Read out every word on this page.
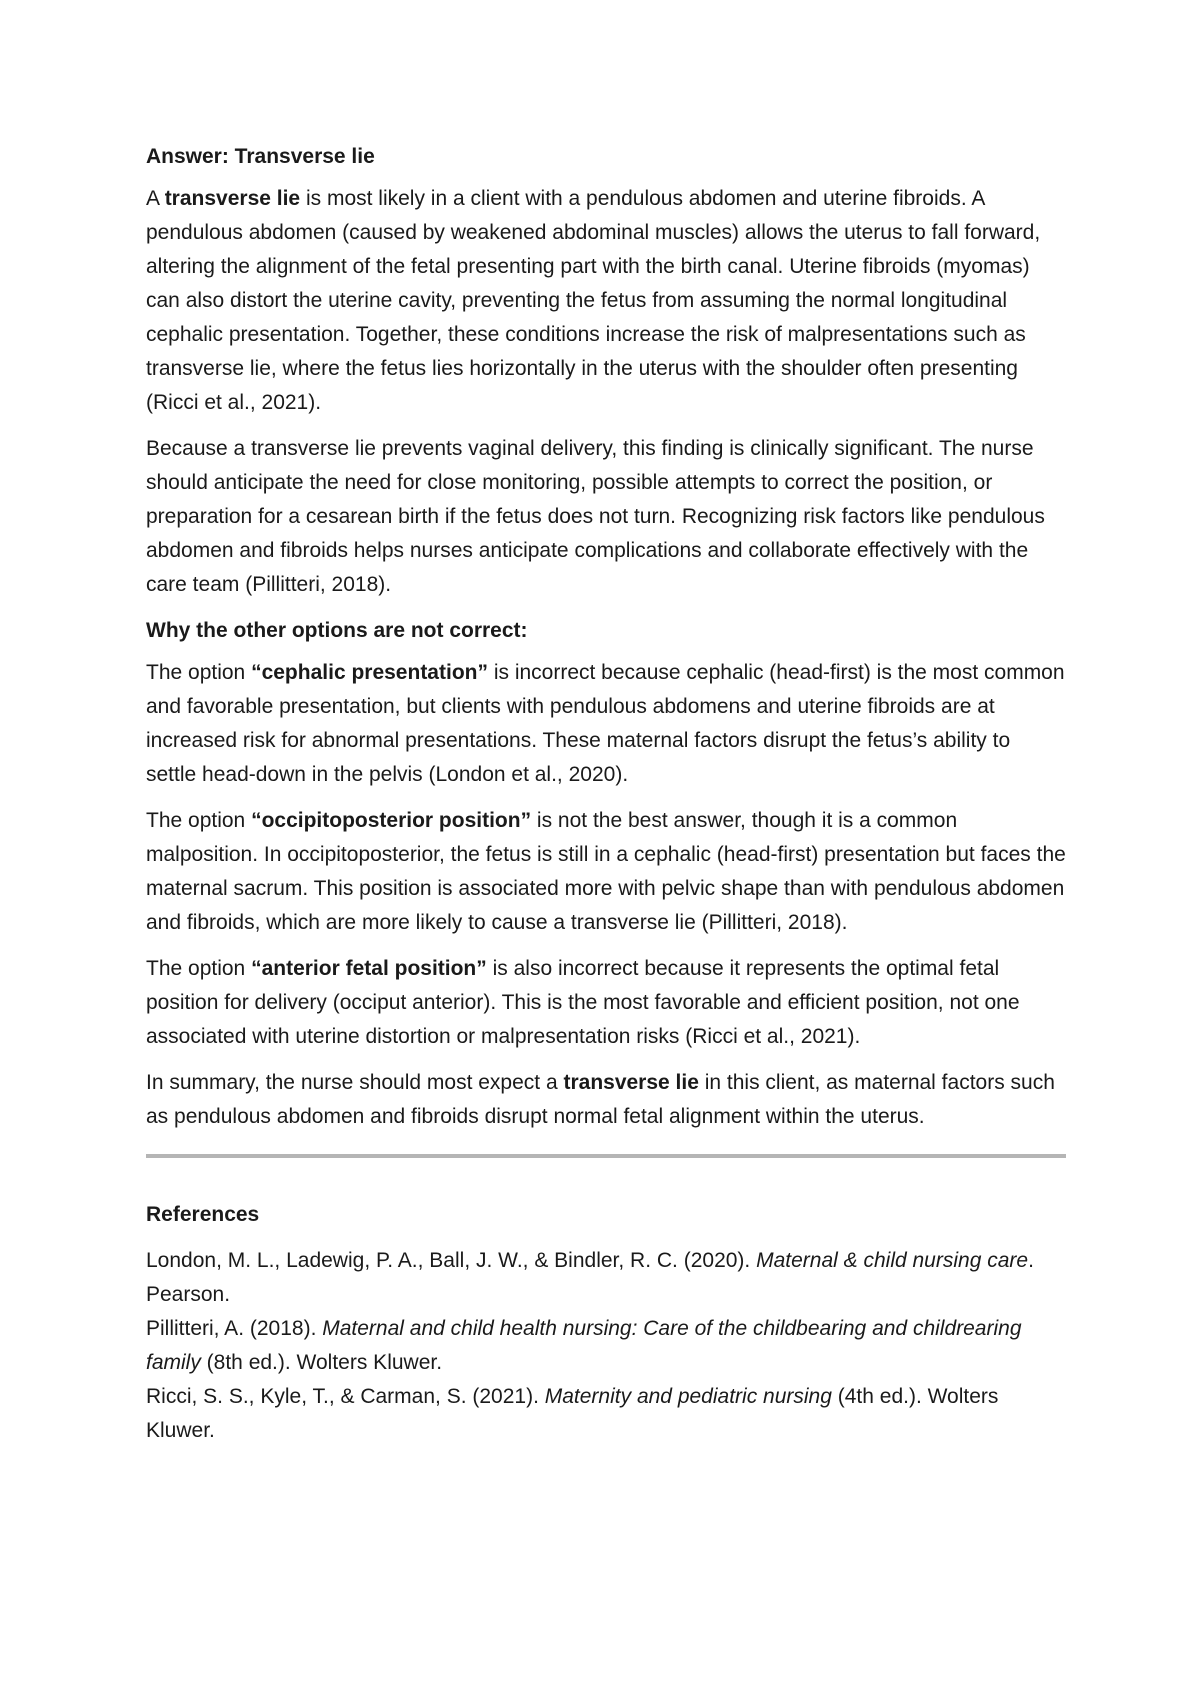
Answer: Transverse lie

A transverse lie is most likely in a client with a pendulous abdomen and uterine fibroids. A pendulous abdomen (caused by weakened abdominal muscles) allows the uterus to fall forward, altering the alignment of the fetal presenting part with the birth canal. Uterine fibroids (myomas) can also distort the uterine cavity, preventing the fetus from assuming the normal longitudinal cephalic presentation. Together, these conditions increase the risk of malpresentations such as transverse lie, where the fetus lies horizontally in the uterus with the shoulder often presenting (Ricci et al., 2021).

Because a transverse lie prevents vaginal delivery, this finding is clinically significant. The nurse should anticipate the need for close monitoring, possible attempts to correct the position, or preparation for a cesarean birth if the fetus does not turn. Recognizing risk factors like pendulous abdomen and fibroids helps nurses anticipate complications and collaborate effectively with the care team (Pillitteri, 2018).

Why the other options are not correct:

The option “cephalic presentation” is incorrect because cephalic (head-first) is the most common and favorable presentation, but clients with pendulous abdomens and uterine fibroids are at increased risk for abnormal presentations. These maternal factors disrupt the fetus’s ability to settle head-down in the pelvis (London et al., 2020).

The option “occipitoposterior position” is not the best answer, though it is a common malposition. In occipitoposterior, the fetus is still in a cephalic (head-first) presentation but faces the maternal sacrum. This position is associated more with pelvic shape than with pendulous abdomen and fibroids, which are more likely to cause a transverse lie (Pillitteri, 2018).

The option “anterior fetal position” is also incorrect because it represents the optimal fetal position for delivery (occiput anterior). This is the most favorable and efficient position, not one associated with uterine distortion or malpresentation risks (Ricci et al., 2021).

In summary, the nurse should most expect a transverse lie in this client, as maternal factors such as pendulous abdomen and fibroids disrupt normal fetal alignment within the uterus.

References

London, M. L., Ladewig, P. A., Ball, J. W., & Bindler, R. C. (2020). Maternal & child nursing care. Pearson.

Pillitteri, A. (2018). Maternal and child health nursing: Care of the childbearing and childrearing family (8th ed.). Wolters Kluwer.

Ricci, S. S., Kyle, T., & Carman, S. (2021). Maternity and pediatric nursing (4th ed.). Wolters Kluwer.
